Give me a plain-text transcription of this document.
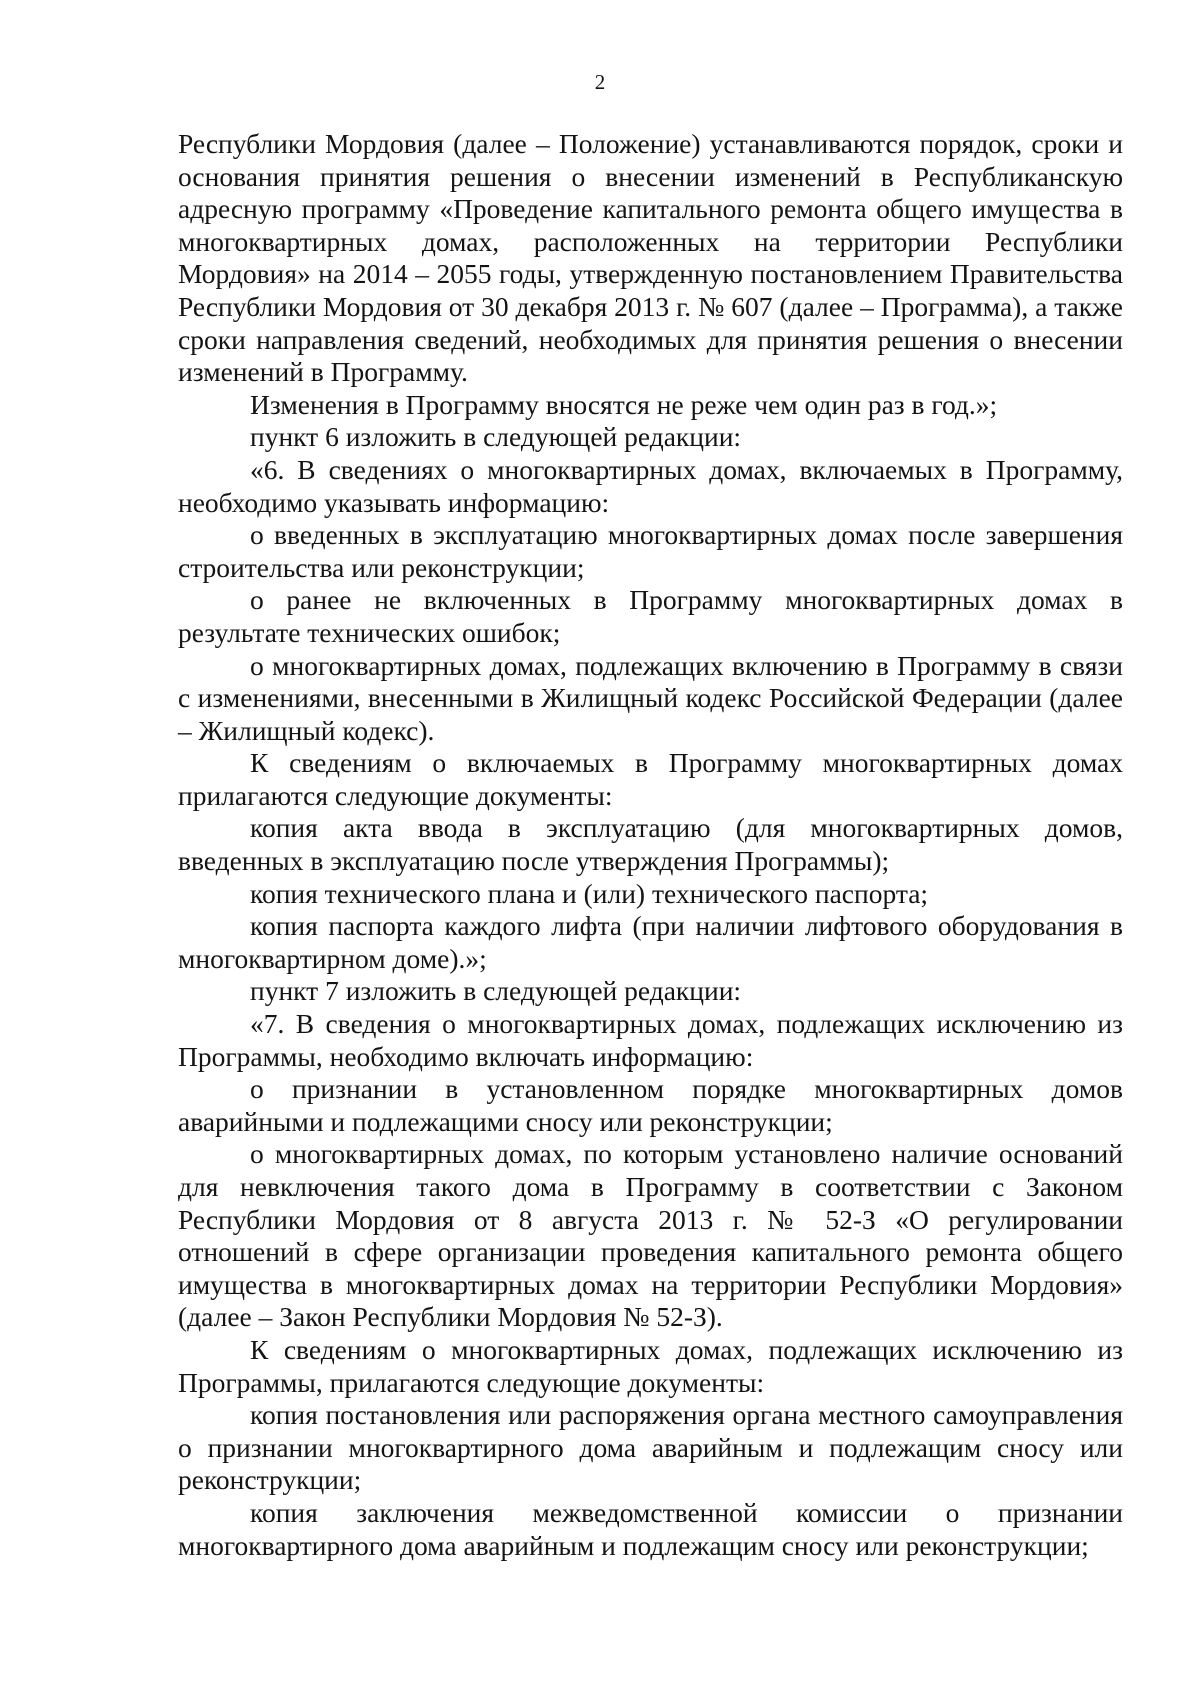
2

Республики Мордовия (далее – Положение) устанавливаются порядок, сроки и основания принятия решения о внесении изменений в Республиканскую адресную программу «Проведение капитального ремонта общего имущества в многоквартирных домах, расположенных на территории Республики Мордовия» на 2014 – 2055 годы, утвержденную постановлением Правительства Республики Мордовия от 30 декабря 2013 г. № 607 (далее – Программа), а также сроки направления сведений, необходимых для принятия решения о внесении изменений в Программу.

Изменения в Программу вносятся не реже чем один раз в год.»;

пункт 6 изложить в следующей редакции:

«6. В сведениях о многоквартирных домах, включаемых в Программу, необходимо указывать информацию:

о введенных в эксплуатацию многоквартирных домах после завершения строительства или реконструкции;

о ранее не включенных в Программу многоквартирных домах в результате технических ошибок;

о многоквартирных домах, подлежащих включению в Программу в связи с изменениями, внесенными в Жилищный кодекс Российской Федерации (далее – Жилищный кодекс).

К сведениям о включаемых в Программу многоквартирных домах прилагаются следующие документы:

копия акта ввода в эксплуатацию (для многоквартирных домов, введенных в эксплуатацию после утверждения Программы);

копия технического плана и (или) технического паспорта;

копия паспорта каждого лифта (при наличии лифтового оборудования в многоквартирном доме).»;

пункт 7 изложить в следующей редакции:

«7. В сведения о многоквартирных домах, подлежащих исключению из Программы, необходимо включать информацию:

о признании в установленном порядке многоквартирных домов аварийными и подлежащими сносу или реконструкции;

о многоквартирных домах, по которым установлено наличие оснований для невключения такого дома в Программу в соответствии с Законом Республики Мордовия от 8 августа 2013 г. № 52-З «О регулировании отношений в сфере организации проведения капитального ремонта общего имущества в многоквартирных домах на территории Республики Мордовия» (далее – Закон Республики Мордовия № 52-З).

К сведениям о многоквартирных домах, подлежащих исключению из Программы, прилагаются следующие документы:

копия постановления или распоряжения органа местного самоуправления о признании многоквартирного дома аварийным и подлежащим сносу или реконструкции;

копия заключения межведомственной комиссии о признании многоквартирного дома аварийным и подлежащим сносу или реконструкции;
